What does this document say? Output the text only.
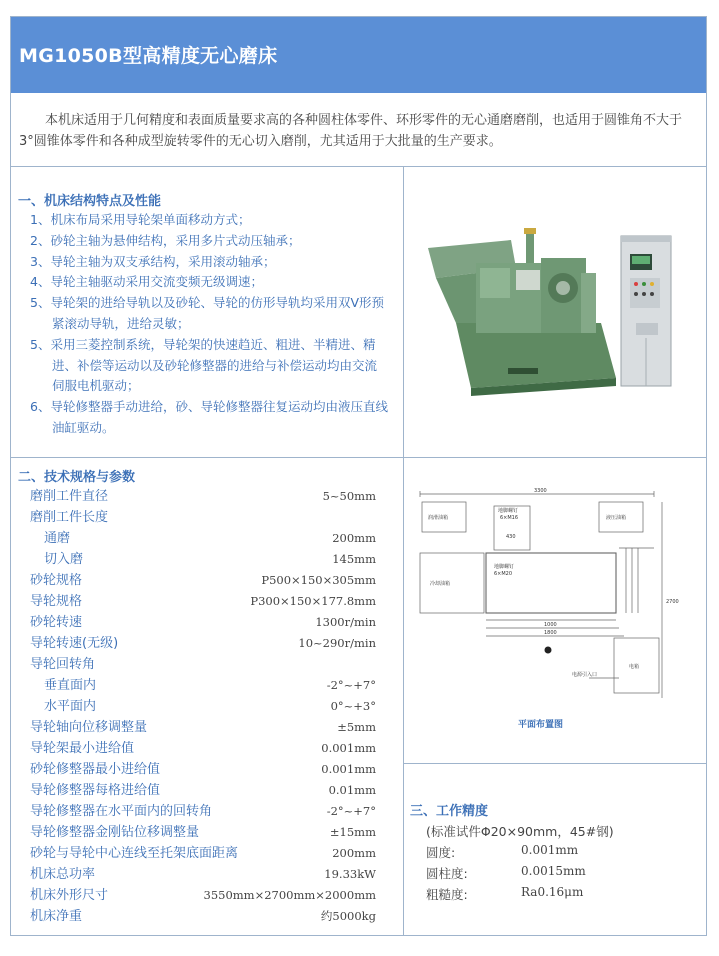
MG1050B型高精度无心磨床

本机床适用于几何精度和表面质量要求高的各种圆柱体零件、环形零件的无心通磨磨削，也适用于圆锥角不大于3°圆锥体零件和各种成型旋转零件的无心切入磨削，尤其适用于大批量的生产要求。

一、机床结构特点及性能
1、机床布局采用导轮架单面移动方式；
2、砂轮主轴为悬伸结构，采用多片式动压轴承；
3、导轮主轴为双支承结构，采用滚动轴承；
4、导轮主轴驱动采用交流变频无级调速；
5、导轮架的进给导轨以及砂轮、导轮的仿形导轨均采用双V形预紧滚动导轨，进给灵敏；
5、采用三菱控制系统，导轮架的快速趋近、粗进、半精进、精进、补偿等运动以及砂轮修整器的进给与补偿运动均由交流伺服电机驱动；
6、导轮修整器手动进给，砂、导轮修整器往复运动均由液压直线油缸驱动。
二、技术规格与参数
磨削工件直径	5~50mm
磨削工件长度
通磨	200mm
切入磨	145mm
砂轮规格	P500×150×305mm
导轮规格	P300×150×177.8mm
砂轮转速	1300r/min
导轮转速(无级)	10~290r/min
导轮回转角
垂直面内	-2°~+7°
水平面内	0°~+3°
导轮轴向位移调整量	±5mm
导轮架最小进给值	0.001mm
砂轮修整器最小进给值	0.001mm
导轮修整器每格进给值	0.01mm
导轮修整器在水平面内的回转角	-2°~+7°
导轮修整器金刚钻位移调整量	±15mm
砂轮与导轮中心连线至托架底面距离	200mm
机床总功率	19.33kW
机床外形尺寸	3550mm×2700mm×2000mm
机床净重	约5000kg
3300
2700
1000
1800
430
润滑油箱	液压油箱
冷却油箱
电箱
地脚螺钉
6×M16
地脚螺钉
6×M20
电源引入口
平面布置图
三、工作精度
(标准试件Φ20×90mm，45#钢)
圆度:	0.001mm
圆柱度:	0.0015mm
粗糙度:	Ra0.16μm
